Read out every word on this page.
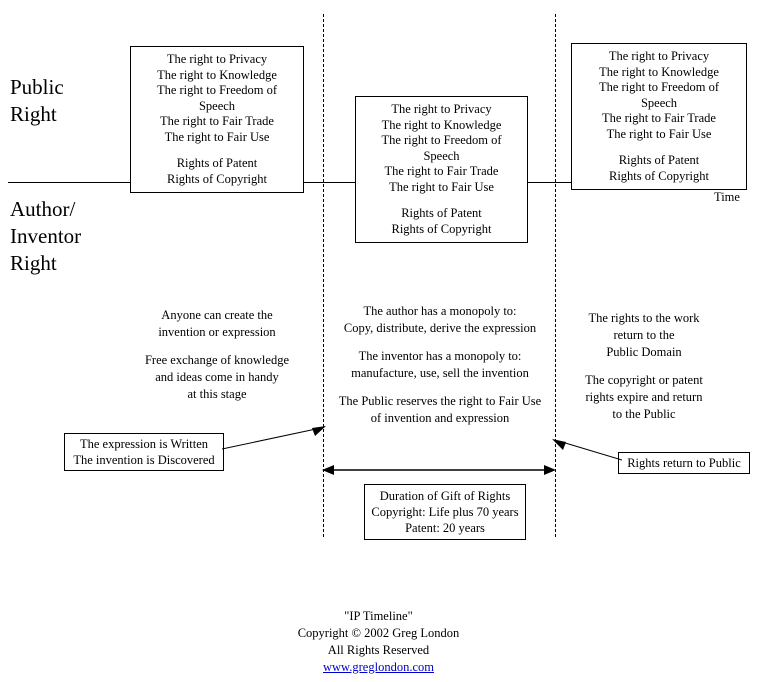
Time
Public
Right
Author/
Inventor
Right
The right to Privacy
The right to Knowledge
The right to Freedom of Speech
The right to Fair Trade
The right to Fair Use
Rights of Patent
Rights of Copyright
The right to Privacy
The right to Knowledge
The right to Freedom of Speech
The right to Fair Trade
The right to Fair Use
Rights of Patent
Rights of Copyright
The right to Privacy
The right to Knowledge
The right to Freedom of Speech
The right to Fair Trade
The right to Fair Use
Rights of Patent
Rights of Copyright
Anyone can create the
invention or expression
Free exchange of knowledge
and ideas come in handy
at this stage
The author has a monopoly to:
Copy, distribute, derive the expression
The inventor has a monopoly to:
manufacture, use, sell the invention
The Public reserves the right to Fair Use
of invention and expression
The rights to the work
return to the
Public Domain
The copyright or patent
rights expire and return
to the Public
The expression is Written
The invention is Discovered	Rights return to Public
Duration of Gift of Rights
Copyright: Life plus 70 years
Patent: 20 years
"IP Timeline"
Copyright © 2002 Greg London
All Rights Reserved
www.greglondon.com
